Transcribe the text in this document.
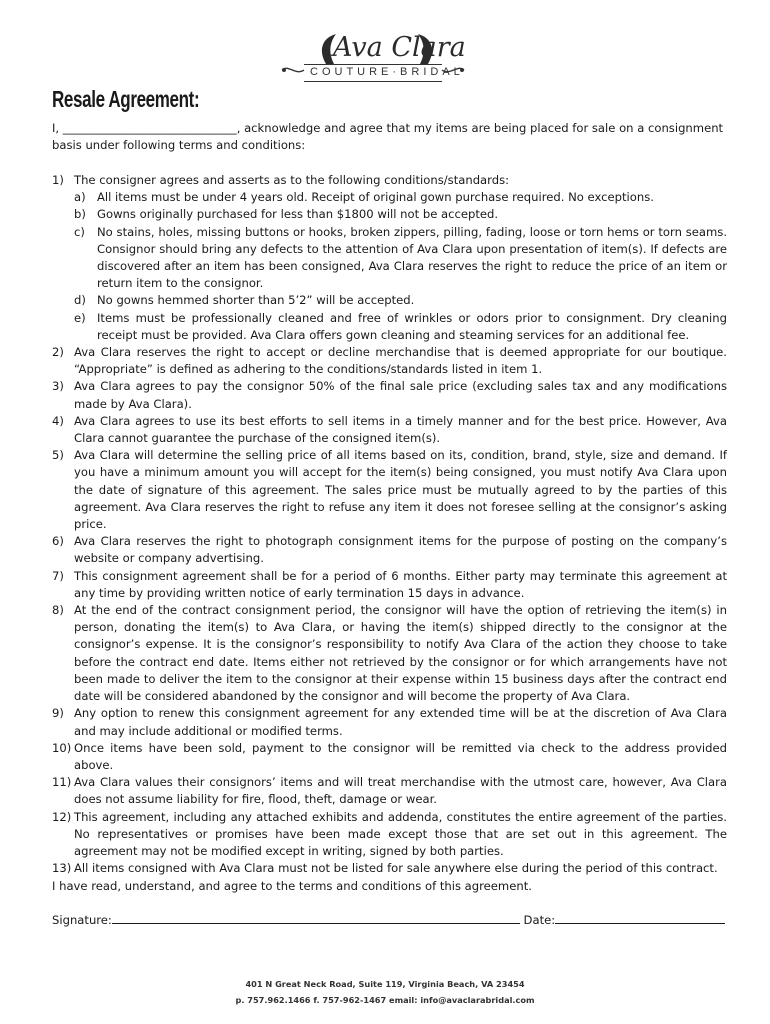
Ava Clara
COUTURE·BRIDAL
Resale Agreement:
I, ______________________________, acknowledge and agree that my items are being placed for sale on a consignment basis under following terms and conditions:
1) The consigner agrees and asserts as to the following conditions/standards:
a) All items must be under 4 years old. Receipt of original gown purchase required. No exceptions.
b) Gowns originally purchased for less than $1800 will not be accepted.
c) No stains, holes, missing buttons or hooks, broken zippers, pilling, fading, loose or torn hems or torn seams. Consignor should bring any defects to the attention of Ava Clara upon presentation of item(s). If defects are discovered after an item has been consigned, Ava Clara reserves the right to reduce the price of an item or return item to the consignor.
d) No gowns hemmed shorter than 5’2” will be accepted.
e) Items must be professionally cleaned and free of wrinkles or odors prior to consignment. Dry cleaning receipt must be provided. Ava Clara offers gown cleaning and steaming services for an additional fee.
2) Ava Clara reserves the right to accept or decline merchandise that is deemed appropriate for our boutique. “Appropriate” is defined as adhering to the conditions/standards listed in item 1.
3) Ava Clara agrees to pay the consignor 50% of the final sale price (excluding sales tax and any modifications made by Ava Clara).
4) Ava Clara agrees to use its best efforts to sell items in a timely manner and for the best price. However, Ava Clara cannot guarantee the purchase of the consigned item(s).
5) Ava Clara will determine the selling price of all items based on its, condition, brand, style, size and demand. If you have a minimum amount you will accept for the item(s) being consigned, you must notify Ava Clara upon the date of signature of this agreement. The sales price must be mutually agreed to by the parties of this agreement. Ava Clara reserves the right to refuse any item it does not foresee selling at the consignor’s asking price.
6) Ava Clara reserves the right to photograph consignment items for the purpose of posting on the company’s website or company advertising.
7) This consignment agreement shall be for a period of 6 months. Either party may terminate this agreement at any time by providing written notice of early termination 15 days in advance.
8) At the end of the contract consignment period, the consignor will have the option of retrieving the item(s) in person, donating the item(s) to Ava Clara, or having the item(s) shipped directly to the consignor at the consignor’s expense. It is the consignor’s responsibility to notify Ava Clara of the action they choose to take before the contract end date. Items either not retrieved by the consignor or for which arrangements have not been made to deliver the item to the consignor at their expense within 15 business days after the contract end date will be considered abandoned by the consignor and will become the property of Ava Clara.
9) Any option to renew this consignment agreement for any extended time will be at the discretion of Ava Clara and may include additional or modified terms.
10) Once items have been sold, payment to the consignor will be remitted via check to the address provided above.
11) Ava Clara values their consignors’ items and will treat merchandise with the utmost care, however, Ava Clara does not assume liability for fire, flood, theft, damage or wear.
12) This agreement, including any attached exhibits and addenda, constitutes the entire agreement of the parties. No representatives or promises have been made except those that are set out in this agreement. The agreement may not be modified except in writing, signed by both parties.
13) All items consigned with Ava Clara must not be listed for sale anywhere else during the period of this contract.
I have read, understand, and agree to the terms and conditions of this agreement.
Signature:	Date:
401 N Great Neck Road, Suite 119, Virginia Beach, VA 23454
p. 757.962.1466 f. 757-962-1467 email: info@avaclarabridal.com
